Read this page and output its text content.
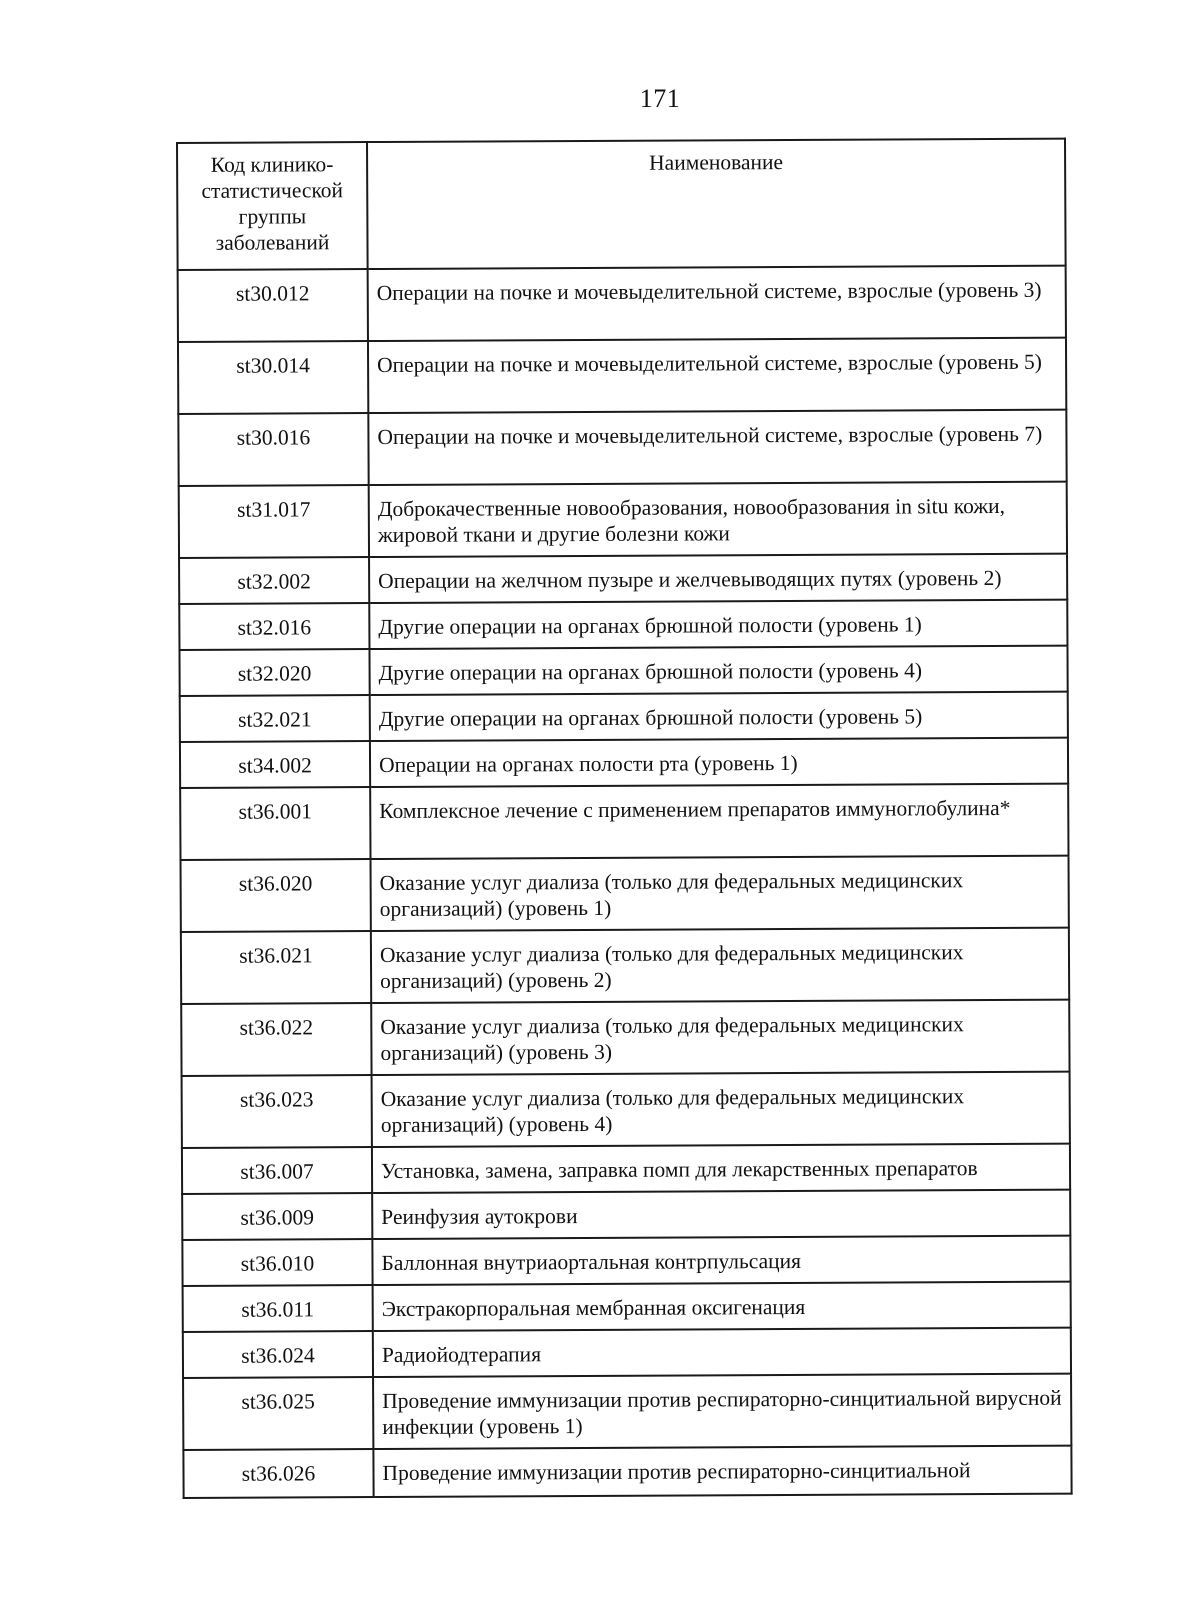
171
Код клинико-статистической группы заболеваний	Наименование
st30.012	Операции на почке и мочевыделительной системе, взрослые (уровень 3)
st30.014	Операции на почке и мочевыделительной системе, взрослые (уровень 5)
st30.016	Операции на почке и мочевыделительной системе, взрослые (уровень 7)
st31.017	Доброкачественные новообразования, новообразования in situ кожи, жировой ткани и другие болезни кожи
st32.002	Операции на желчном пузыре и желчевыводящих путях (уровень 2)
st32.016	Другие операции на органах брюшной полости (уровень 1)
st32.020	Другие операции на органах брюшной полости (уровень 4)
st32.021	Другие операции на органах брюшной полости (уровень 5)
st34.002	Операции на органах полости рта (уровень 1)
st36.001	Комплексное лечение с применением препаратов иммуноглобулина*
st36.020	Оказание услуг диализа (только для федеральных медицинских организаций) (уровень 1)
st36.021	Оказание услуг диализа (только для федеральных медицинских организаций) (уровень 2)
st36.022	Оказание услуг диализа (только для федеральных медицинских организаций) (уровень 3)
st36.023	Оказание услуг диализа (только для федеральных медицинских организаций) (уровень 4)
st36.007	Установка, замена, заправка помп для лекарственных препаратов
st36.009	Реинфузия аутокрови
st36.010	Баллонная внутриаортальная контрпульсация
st36.011	Экстракорпоральная мембранная оксигенация
st36.024	Радиойодтерапия
st36.025	Проведение иммунизации против респираторно-синцитиальной вирусной инфекции (уровень 1)
st36.026	Проведение иммунизации против респираторно-синцитиальной
